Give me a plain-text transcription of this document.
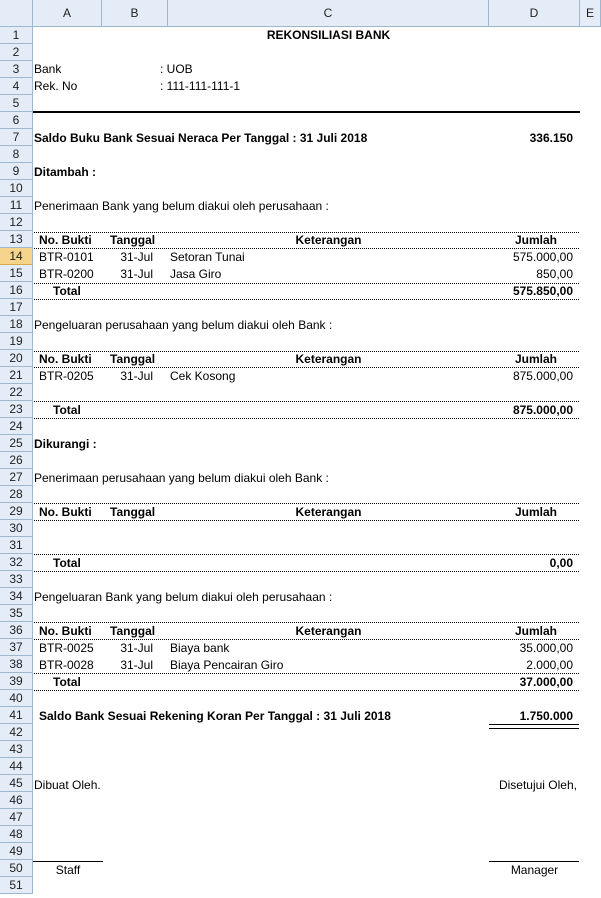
A	B	C	D	E
1
2
3
4
5
6
7
8
9
10
11
12
13
14
15
16
17
18
19
20
21
22
23
24
25
26
27
28
29
30
31
32
33
34
35
36
37
38
39
40
41
42
43
44
45
46
47
48
49
50
51
REKONSILIASI BANK
Bank	: UOB
Rek. No	: 111-111-111-1
Saldo Buku Bank Sesuai Neraca Per Tanggal : 31 Juli 2018	336.150
Ditambah :
Penerimaan Bank yang belum diakui oleh perusahaan :
No. Bukti Tanggal	Keterangan	Jumlah
BTR-0101	31-Jul Setoran Tunai	575.000,00
BTR-0200	31-Jul Jasa Giro	850,00
Total	575.850,00
Pengeluaran perusahaan yang belum diakui oleh Bank :
No. Bukti Tanggal	Keterangan	Jumlah
BTR-0205	31-Jul Cek Kosong	875.000,00
Total	875.000,00
Dikurangi :
Penerimaan perusahaan yang belum diakui oleh Bank :
No. Bukti Tanggal	Keterangan	Jumlah
Total	0,00
Pengeluaran Bank yang belum diakui oleh perusahaan :
No. Bukti Tanggal	Keterangan	Jumlah
BTR-0025	31-Jul Biaya bank	35.000,00
BTR-0028	31-Jul Biaya Pencairan Giro	2.000,00
Total	37.000,00
Saldo Bank Sesuai Rekening Koran Per Tanggal : 31 Juli 2018	1.750.000
Dibuat Oleh.	Disetujui Oleh,
Staff	Manager
